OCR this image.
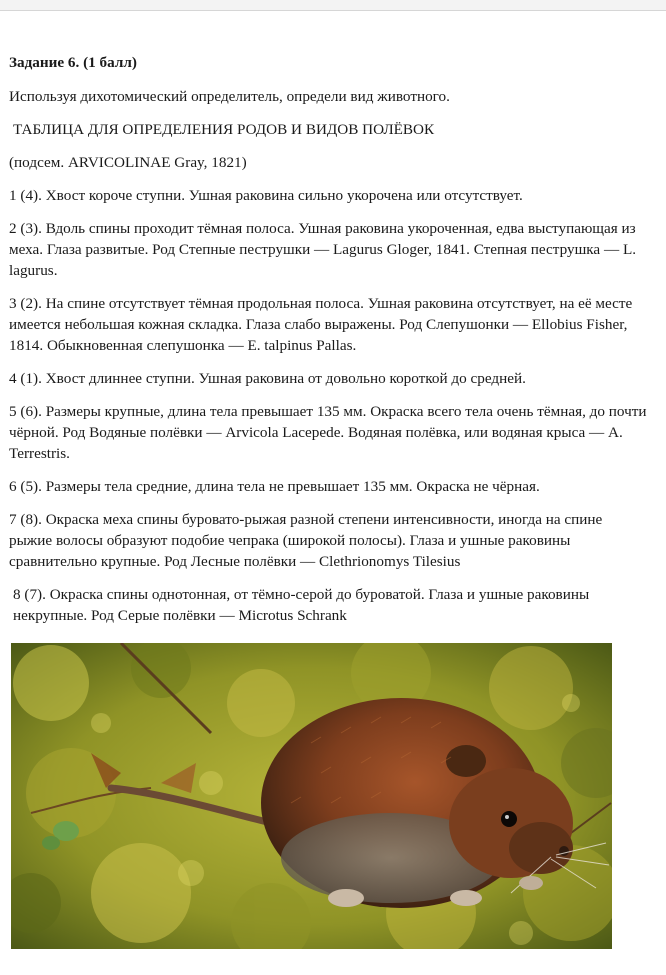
Задание 6. (1 балл)

Используя дихотомический определитель, определи вид животного.

ТАБЛИЦА ДЛЯ ОПРЕДЕЛЕНИЯ РОДОВ И ВИДОВ ПОЛЁВОК

(подсем. ARVICOLINAE Gray, 1821)

1 (4). Хвост короче ступни. Ушная раковина сильно укорочена или отсутствует.

2 (3). Вдоль спины проходит тёмная полоса. Ушная раковина укороченная, едва выступающая из меха. Глаза развитые. Род Степные пеструшки — Lagurus Gloger, 1841. Степная пеструшка — L. lagurus.

3 (2). На спине отсутствует тёмная продольная полоса. Ушная раковина отсутствует, на её месте имеется небольшая кожная складка. Глаза слабо выражены. Род Слепушонки — Ellobius Fisher, 1814. Обыкновенная слепушонка — E. talpinus Pallas.

4 (1). Хвост длиннее ступни. Ушная раковина от довольно короткой до средней.

5 (6). Размеры крупные, длина тела превышает 135 мм. Окраска всего тела очень тёмная, до почти чёрной. Род Водяные полёвки — Arvicola Lacepede. Водяная полёвка, или водяная крыса — A. Terrestris.

6 (5). Размеры тела средние, длина тела не превышает 135 мм. Окраска не чёрная.

7 (8). Окраска меха спины буровато-рыжая разной степени интенсивности, иногда на спине рыжие волосы образуют подобие чепрака (широкой полосы). Глаза и ушные раковины сравнительно крупные. Род Лесные полёвки — Clethrionomys Tilesius

8 (7). Окраска спины однотонная, от тёмно-серой до буроватой. Глаза и ушные раковины некрупные. Род Серые полёвки — Microtus Schrank
